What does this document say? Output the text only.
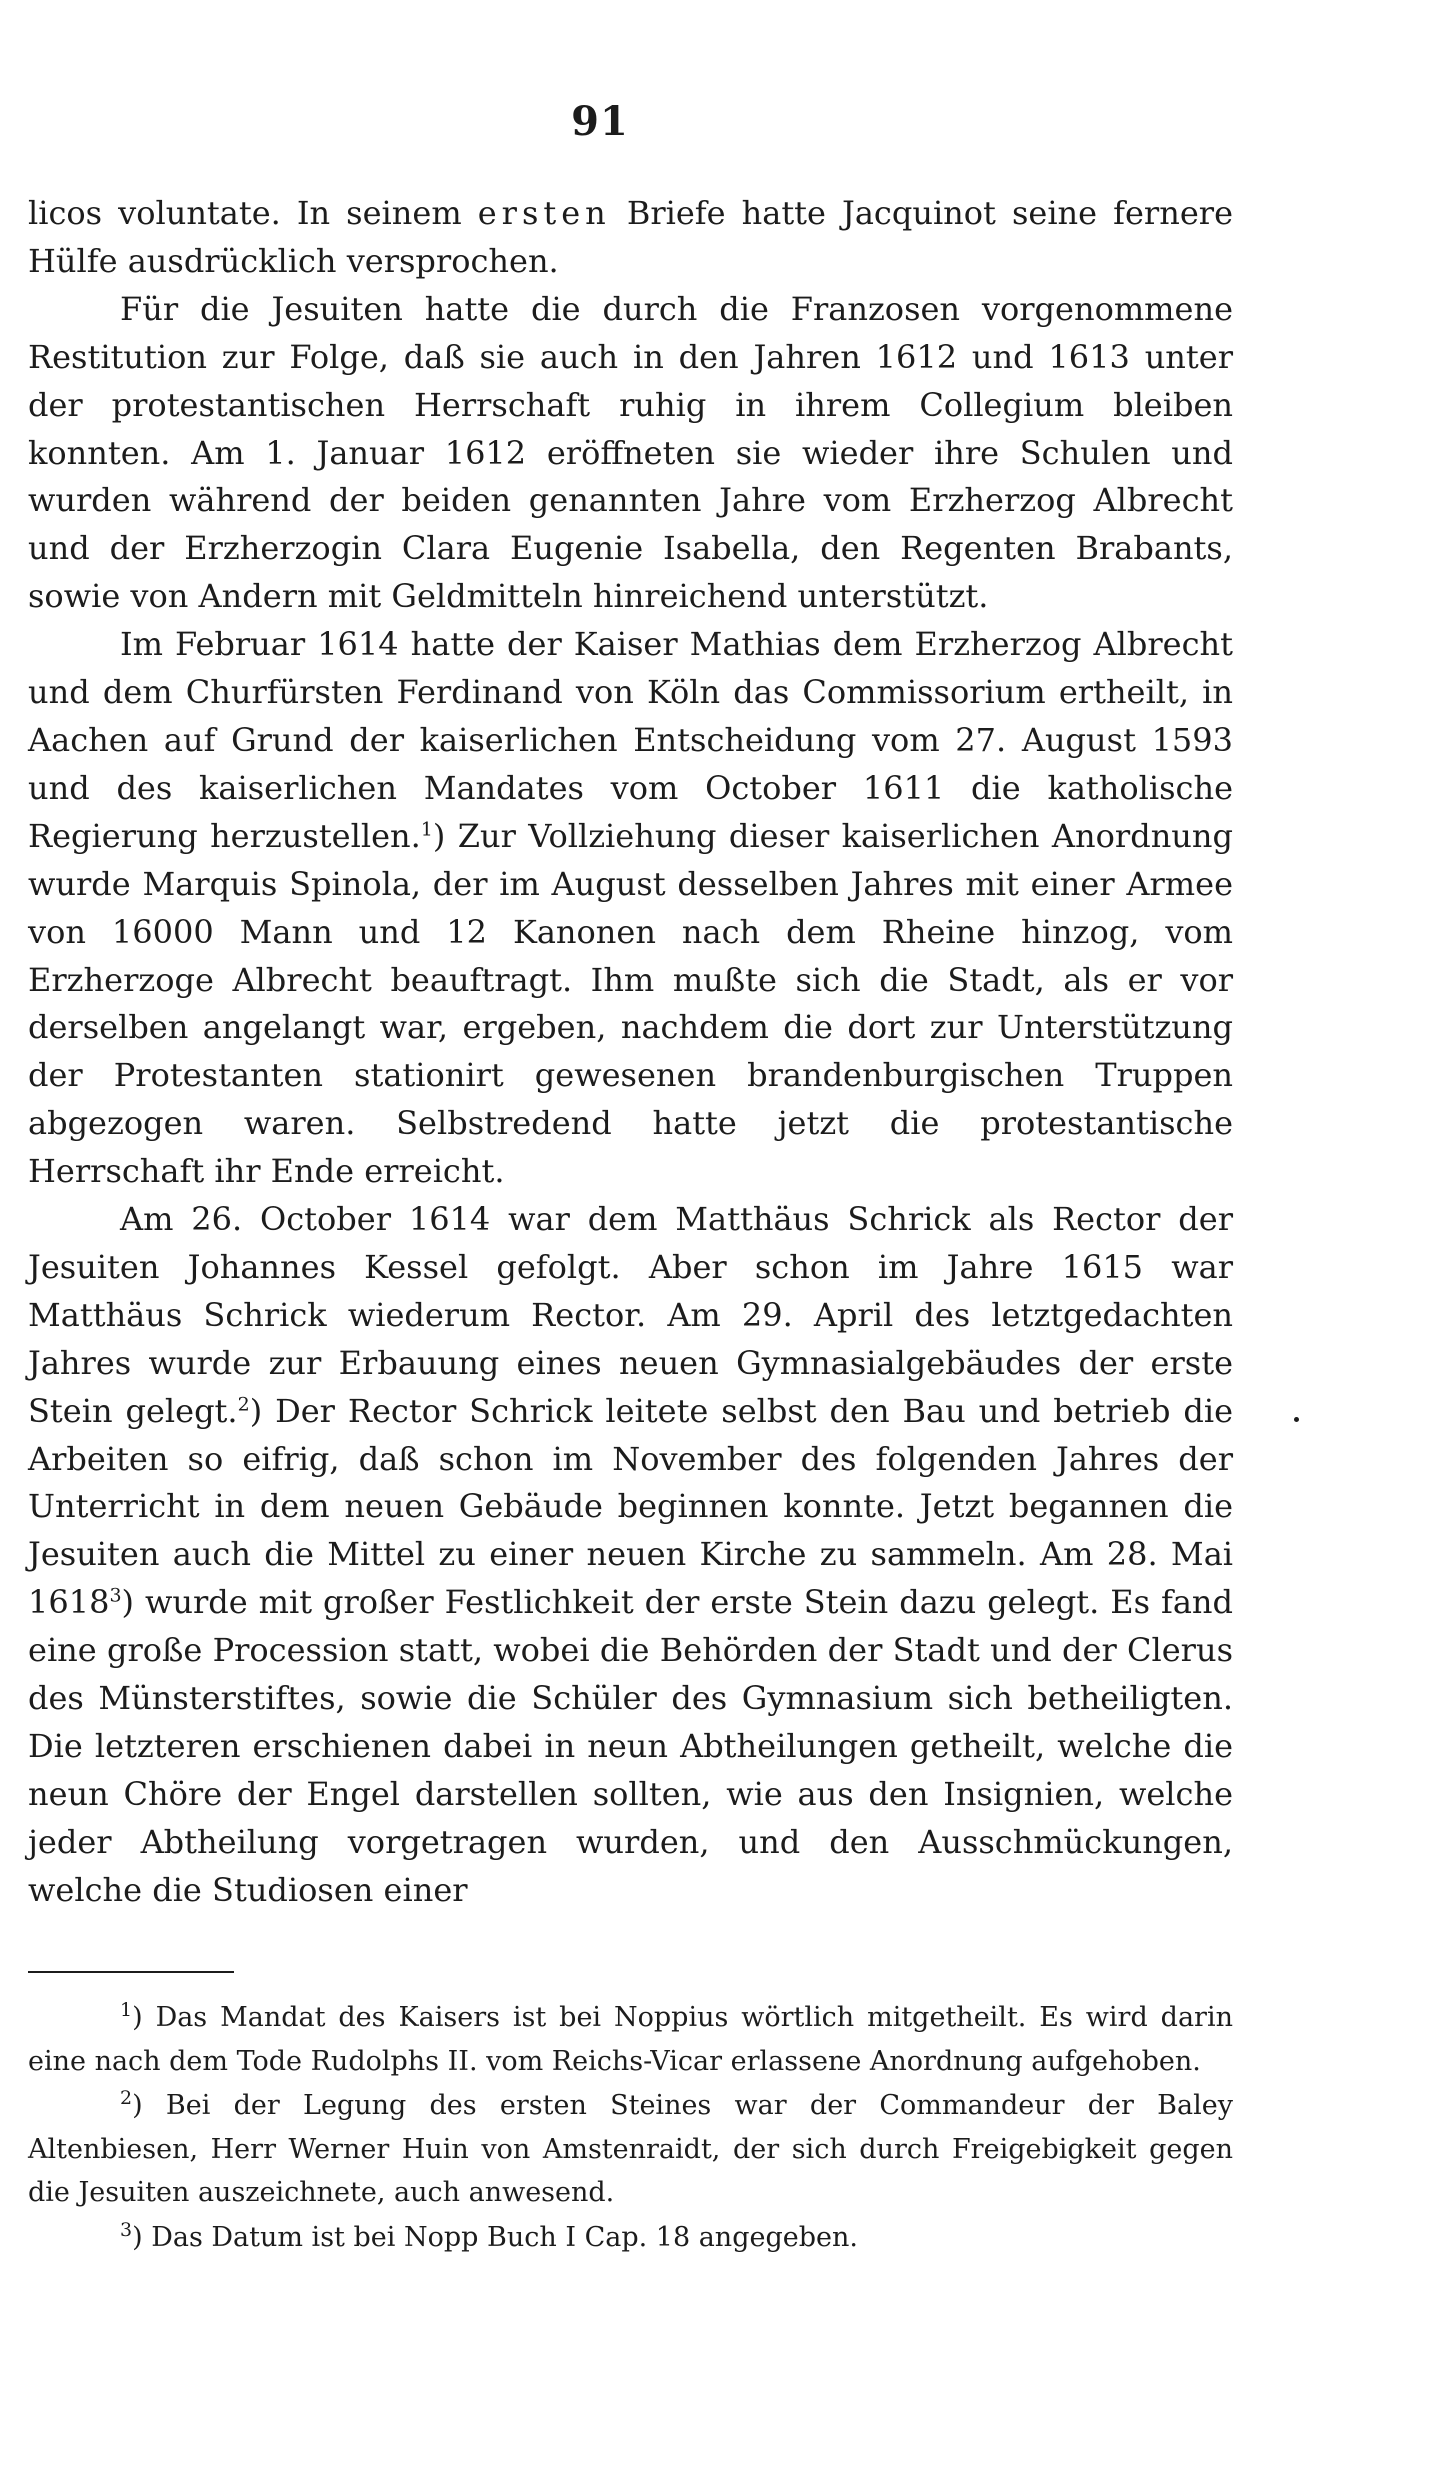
91

licos voluntate. In seinem ersten Briefe hatte Jacquinot seine fernere Hülfe ausdrücklich versprochen.

Für die Jesuiten hatte die durch die Franzosen vorgenommene Restitution zur Folge, daß sie auch in den Jahren 1612 und 1613 unter der protestantischen Herrschaft ruhig in ihrem Collegium bleiben konnten. Am 1. Januar 1612 eröffneten sie wieder ihre Schulen und wurden während der beiden genannten Jahre vom Erzherzog Albrecht und der Erzherzogin Clara Eugenie Isabella, den Regenten Brabants, sowie von Andern mit Geldmitteln hinreichend unterstützt.

Im Februar 1614 hatte der Kaiser Mathias dem Erzherzog Albrecht und dem Churfürsten Ferdinand von Köln das Commissorium ertheilt, in Aachen auf Grund der kaiserlichen Entscheidung vom 27. August 1593 und des kaiserlichen Mandates vom October 1611 die katholische Regierung herzustellen.$^1$) Zur Vollziehung dieser kaiserlichen Anordnung wurde Marquis Spinola, der im August desselben Jahres mit einer Armee von 16000 Mann und 12 Kanonen nach dem Rheine hinzog, vom Erzherzoge Albrecht beauftragt. Ihm mußte sich die Stadt, als er vor derselben angelangt war, ergeben, nachdem die dort zur Unterstützung der Protestanten stationirt gewesenen brandenburgischen Truppen abgezogen waren. Selbstredend hatte jetzt die protestantische Herrschaft ihr Ende erreicht.

Am 26. October 1614 war dem Matthäus Schrick als Rector der Jesuiten Johannes Kessel gefolgt. Aber schon im Jahre 1615 war Matthäus Schrick wiederum Rector. Am 29. April des letztgedachten Jahres wurde zur Erbauung eines neuen Gymnasialgebäudes der erste Stein gelegt.$^2$) Der Rector Schrick leitete selbst den Bau und betrieb die Arbeiten so eifrig, daß schon im November des folgenden Jahres der Unterricht in dem neuen Gebäude beginnen konnte. Jetzt begannen die Jesuiten auch die Mittel zu einer neuen Kirche zu sammeln. Am 28. Mai 1618$^3$) wurde mit großer Festlichkeit der erste Stein dazu gelegt. Es fand eine große Procession statt, wobei die Behörden der Stadt und der Clerus des Münsterstiftes, sowie die Schüler des Gymnasium sich betheiligten. Die letzteren erschienen dabei in neun Abtheilungen getheilt, welche die neun Chöre der Engel darstellen sollten, wie aus den Insignien, welche jeder Abtheilung vorgetragen wurden, und den Ausschmückungen, welche die Studiosen einer

$^1$) Das Mandat des Kaisers ist bei Noppius wörtlich mitgetheilt. Es wird darin eine nach dem Tode Rudolphs II. vom Reichs-Vicar erlassene Anordnung aufgehoben.

$^2$) Bei der Legung des ersten Steines war der Commandeur der Baley Altenbiesen, Herr Werner Huin von Amstenraidt, der sich durch Freigebigkeit gegen die Jesuiten auszeichnete, auch anwesend.

$^3$) Das Datum ist bei Nopp Buch I Cap. 18 angegeben.
